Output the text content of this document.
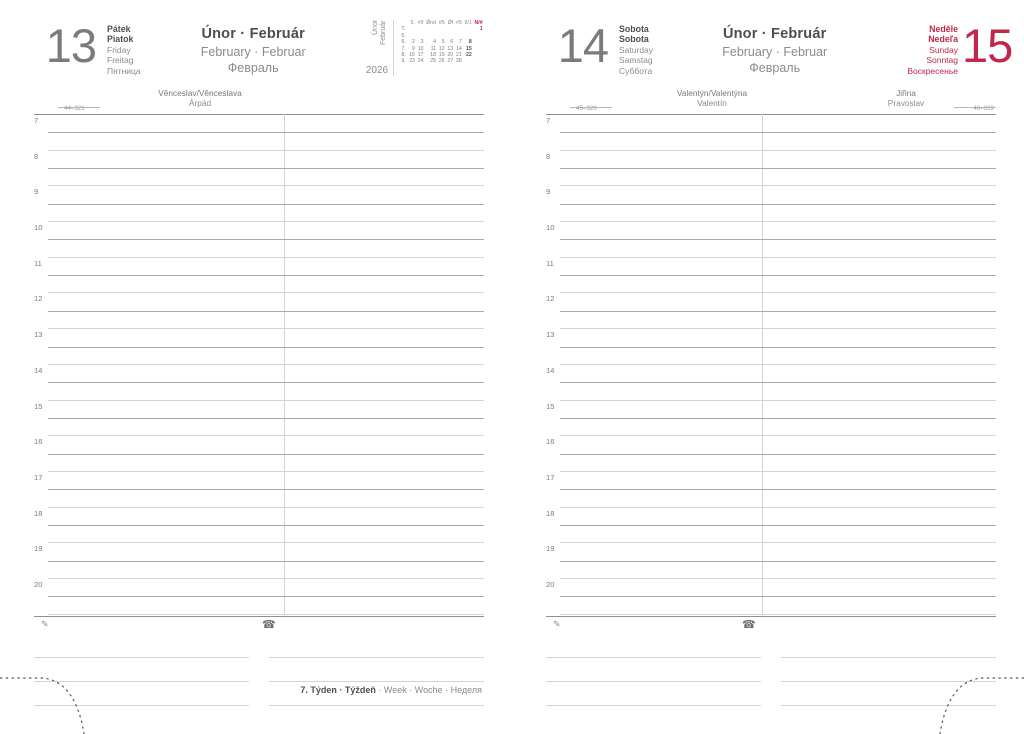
13 Pátek
Piatok
Friday
Freitag
Пятница
Únor · Február
February · Februar
Февраль
Únor
Február
2026
	5.	#9	Ǿnd	#5	Ǿf	#9	9/1	N/#
T.								1
5.								
6.	2	3	4	5	6	7	8	
7.	9	10	11	12	13	14	15	
8.	16	17	18	19	20	21	22	
9.	23	24	25	26	27	28		
Věnceslav/Věnceslava
Árpád
44–321
7
8
9
10
11
12
13
14
15
16
17
18
19
20
✎	☎
7. Týden · Týždeň · Week · Woche · Неделя
14 Sobota
Sobota
Saturday
Samstag
Суббота
Únor · Február
February · Februar
Февраль
Neděle
Nedeľa
Sunday
Sonntag
Воскресенье 15
Valentýn/Valentýna
Valentín
Jiřina
Pravoslav
45–320	46–319
7
8
9
10
11
12
13
14
15
16
17
18
19
20
✎	☎
